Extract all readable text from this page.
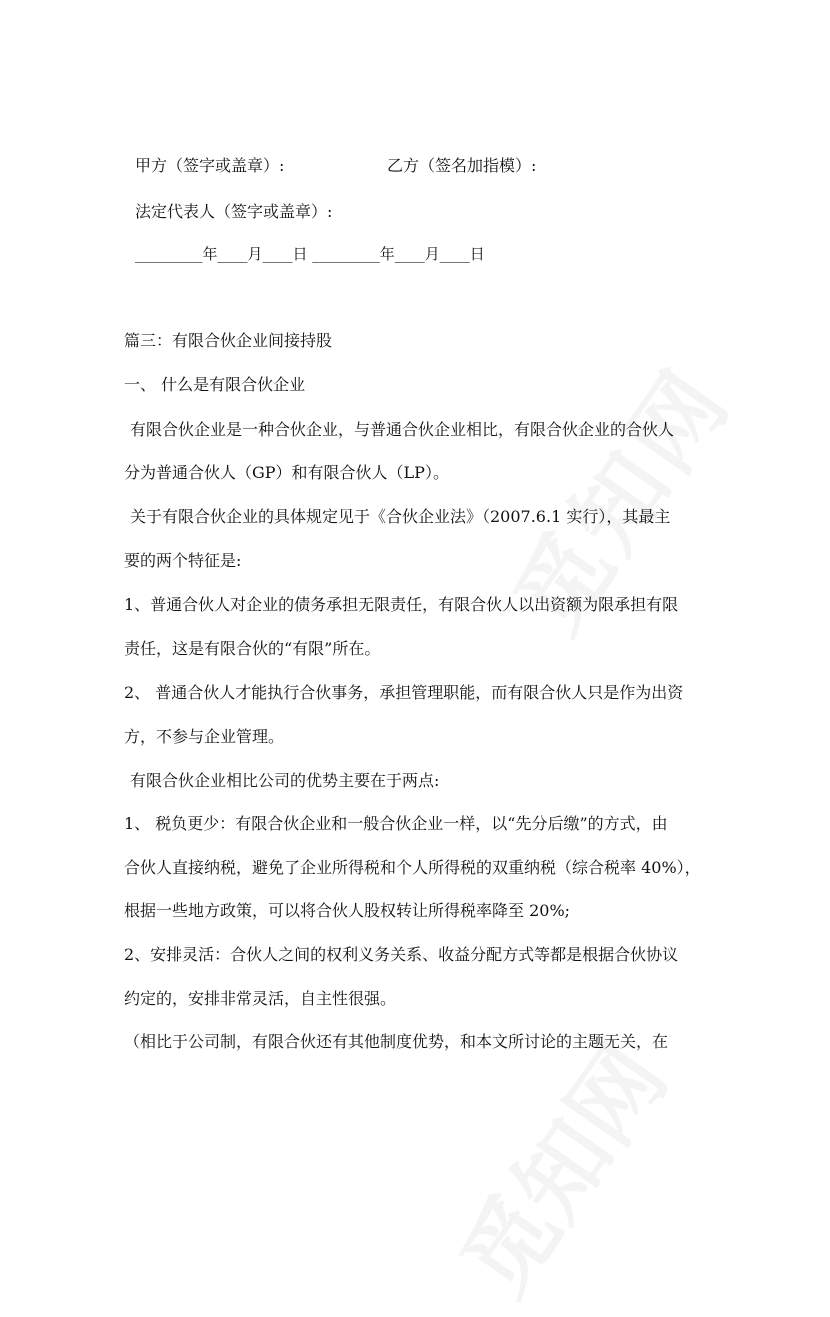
甲方（签字或盖章）:	乙方（签名加指模）:
法定代表人（签字或盖章）:
_________年____月____日 _________年____月____日
篇三：有限合伙企业间接持股
一、 什么是有限合伙企业
有限合伙企业是一种合伙企业，与普通合伙企业相比，有限合伙企业的合伙人
分为普通合伙人（GP）和有限合伙人（LP）。
关于有限合伙企业的具体规定见于《合伙企业法》（2007.6.1 实行），其最主
要的两个特征是:
1、普通合伙人对企业的债务承担无限责任，有限合伙人以出资额为限承担有限
责任，这是有限合伙的“有限”所在。
2、 普通合伙人才能执行合伙事务，承担管理职能，而有限合伙人只是作为出资
方，不参与企业管理。
有限合伙企业相比公司的优势主要在于两点:
1、 税负更少：有限合伙企业和一般合伙企业一样，以“先分后缴”的方式，由
合伙人直接纳税，避免了企业所得税和个人所得税的双重纳税（综合税率 40%），
根据一些地方政策，可以将合伙人股权转让所得税率降至 20%;
2、安排灵活：合伙人之间的权利义务关系、收益分配方式等都是根据合伙协议
约定的，安排非常灵活，自主性很强。
（相比于公司制，有限合伙还有其他制度优势，和本文所讨论的主题无关，在
